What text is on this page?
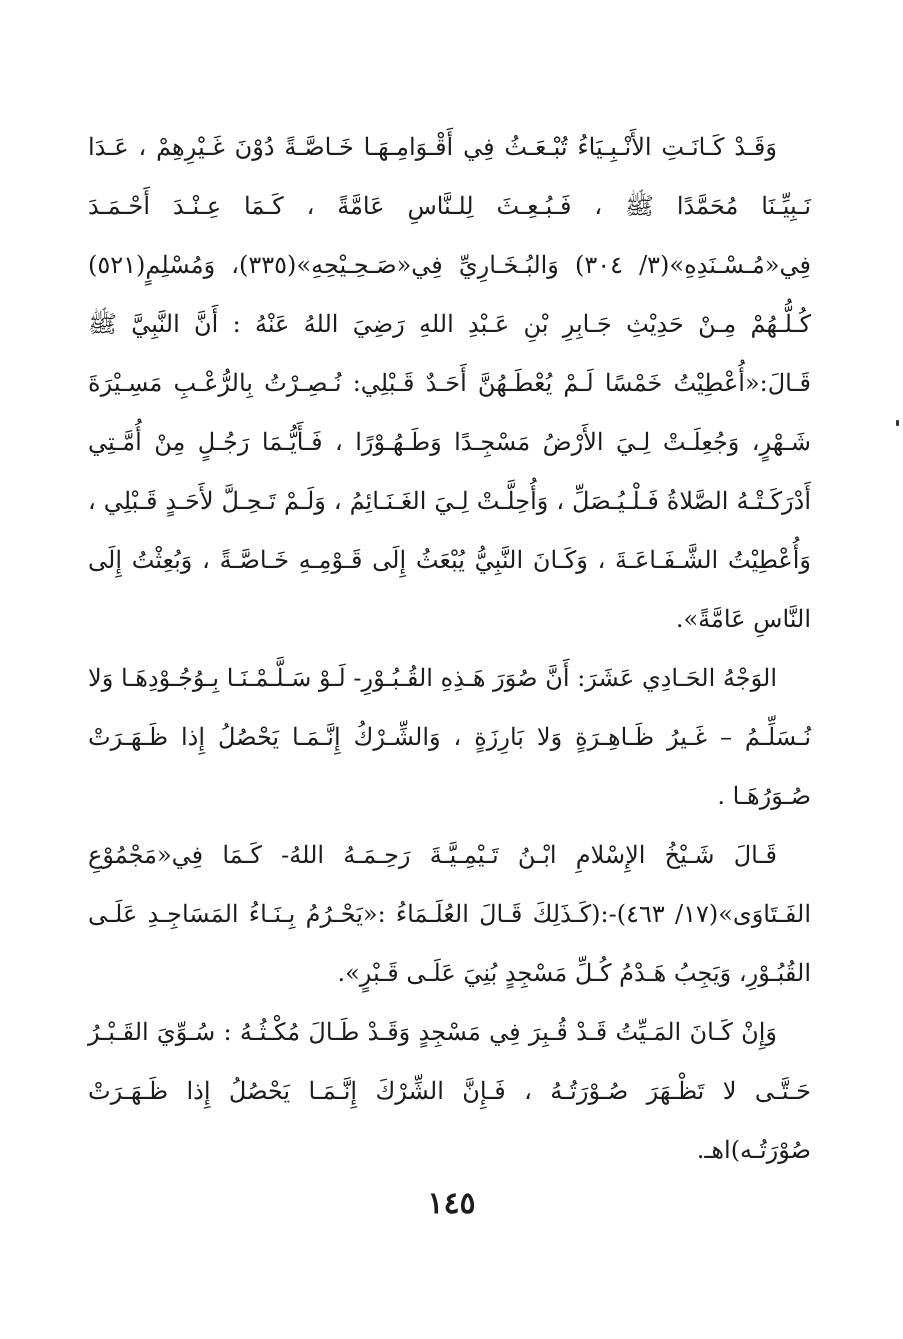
وَقَـدْ كَـانَـتِ الأَنْـبِـيَاءُ تُبْـعَـثُ فِي أَقْـوَامِـهَـا خَـاصَّـةً دُوْنَ غَـيْرِهِمْ ، عَـدَا نَـبِيِّـنَا مُحَمَّدًا ﷺ ، فَـبُـعِـثَ لِلـنَّاسِ عَامَّةً ، كَـمَا عِـنْـدَ أَحْـمَـدَ فِي«مُـسْـنَدِهِ»(٣/ ٣٠٤) وَالبُـخَـارِيِّ فِي«صَـحِـيْحِهِ»(٣٣٥)، وَمُسْلِمٍ(٥٢١) كُـلُّـهُمْ مِـنْ حَدِيْثِ جَـابِرِ بْنِ عَـبْدِ اللهِ رَضِيَ اللهُ عَنْهُ : أَنَّ النَّبِيَّ ﷺ قَـالَ:«أُعْطِيْتُ خَمْسًا لَـمْ يُعْطَـهُنَّ أَحَـدٌ قَـبْلِي: نُـصِـرْتُ بِالرُّعْـبِ مَسِـيْرَةَ شَـهْرٍ، وَجُعِلَـتْ لِـيَ الأَرْضُ مَسْجِـدًا وَطَـهُـوْرًا ، فَـأَيُّـمَا رَجُـلٍ مِنْ أُمَّـتِي أَدْرَكَـتْـهُ الصَّلاةُ فَـلْـيُـصَلِّ ، وَأُحِلَّـتْ لِـيَ الغَـنَـائِمُ ، وَلَـمْ تَـحِـلَّ لأَحَـدٍ قَـبْلِي ، وَأُعْطِيْتُ الشَّـفَـاعَـةَ ، وَكَـانَ النَّبِيُّ يُبْعَثُ إِلَى قَـوْمِـهِ خَـاصَّـةً ، وَبُعِثْتُ إِلَى النَّاسِ عَامَّةً».

الوَجْهُ الحَـادِي عَشَرَ: أَنَّ صُوَرَ هَـذِهِ القُـبُـوْرِ- لَـوْ سَـلَّـمْـنَـا بِـوُجُـوْدِهَـا وَلا نُـسَلِّـمُ – غَـيرُ ظَـاهِـرَةٍ وَلا بَارِزَةٍ ، وَالشِّـرْكُ إِنَّـمَـا يَحْصُلُ إِذا ظَـهَـرَتْ صُـوَرُهَـا .

قَـالَ شَـيْخُ الإِسْلامِ ابْـنُ تَـيْمِـيَّـةَ رَحِـمَـهُ اللهُ- كَـمَا فِي«مَجْمُوْعِ الفَـتَاوَى»(١٧/ ٤٦٣)-:(كَـذَلِكَ قَـالَ العُلَـمَاءُ :«يَحْـرُمُ بِـنَـاءُ المَسَاجِـدِ عَلَـى القُبُـوْرِ، وَيَجِبُ هَـدْمُ كُـلِّ مَسْجِدٍ بُنِيَ عَلَـى قَـبْرٍ».

وَإِنْ كَـانَ المَـيِّتُ قَـدْ قُـبِرَ فِي مَسْجِدٍ وَقَـدْ طَـالَ مُكْـثُـهُ : سُـوِّيَ القَـبْـرُ حَـتَّـى لا تَظْـهَرَ صُـوْرَتُـهُ ، فَـإِنَّ الشِّرْكَ إِنَّـمَـا يَحْصُلُ إِذا ظَـهَـرَتْ صُوْرَتُـه)اهـ.

١٤٥
